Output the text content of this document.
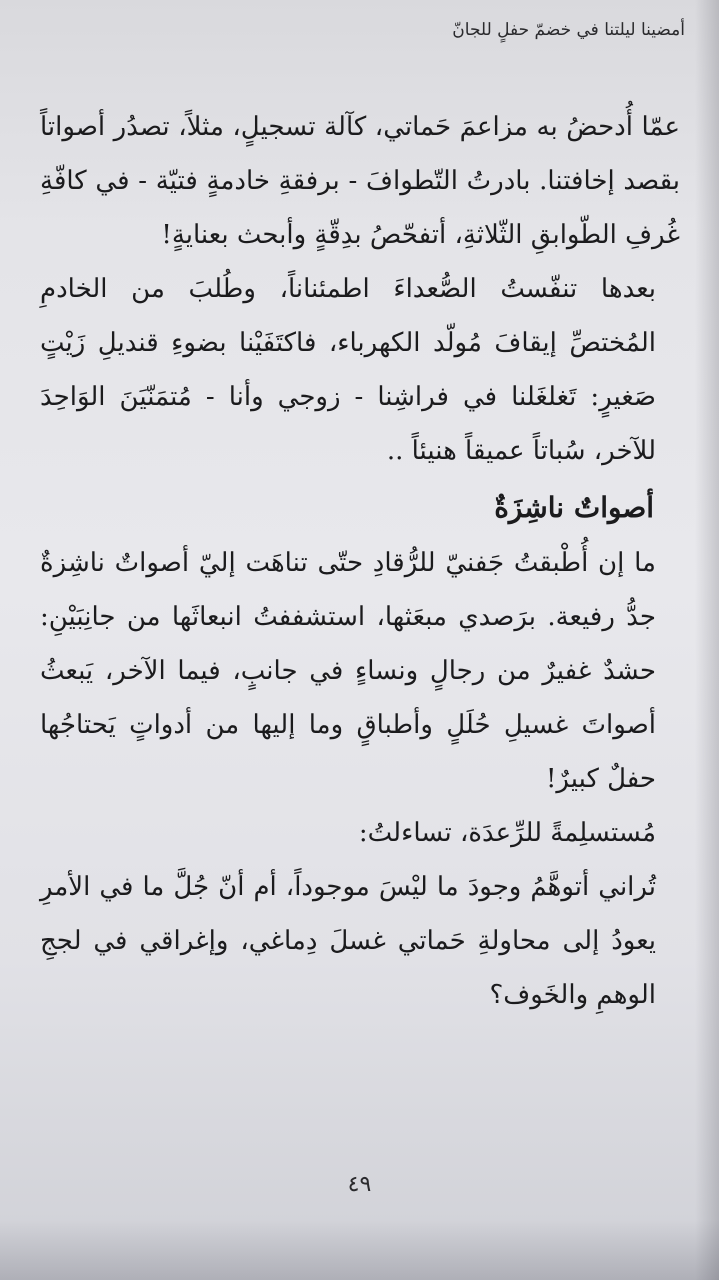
أمضينا ليلتنا في خضمّ حفلٍ للجانّ

عمّا أُدحضُ به مزاعمَ حَماتي، كآلة تسجيلٍ، مثلاً، تصدُر أصواتاً بقصد إخافتنا. بادرتُ التّطوافَ - برفقةِ خادمةٍ فتيّة - في كافّةِ غُرفِ الطّوابقِ الثّلاثةِ، أتفحّصُ بدِقّةٍ وأبحث بعنايةٍ!

بعدها تنفّستُ الصُّعداءَ اطمئناناً، وطُلبَ من الخادمِ المُختصِّ إيقافَ مُولّد الكهرباء، فاكتَفَيْنا بضوءِ قنديلِ زَيْتٍ صَغيرٍ: تَغلغَلنا في فراشِنا - زوجي وأنا - مُتمَنّيَنَ الوَاحِدَ للآخر، سُباتاً عميقاً هنيئاً ..

أصواتٌ ناشِزَةٌ

ما إن أُطْبقتُ جَفنيّ للرُّقادِ حتّى تناهَت إليّ أصواتٌ ناشِزةٌ جدُّ رفيعة. برَصدي مبعَثها، استشففتُ انبعاثَها من جانِبَيْنِ: حشدٌ غفيرٌ من رجالٍ ونساءٍ في جانبٍ، فيما الآخر، يَبعثُ أصواتَ غسيلِ حُلَلٍ وأطباقٍ وما إليها من أدواتٍ يَحتاجُها حفلٌ كبيرٌ!

مُستسلِمةً للرِّعدَة، تساءلتُ:

تُراني أتوهَّمُ وجودَ ما ليْسَ موجوداً، أم أنّ جُلَّ ما في الأمرِ يعودُ إلى محاولةِ حَماتي غسلَ دِماغي، وإغراقي في لججِ الوهمِ والخَوف؟

٤٩
